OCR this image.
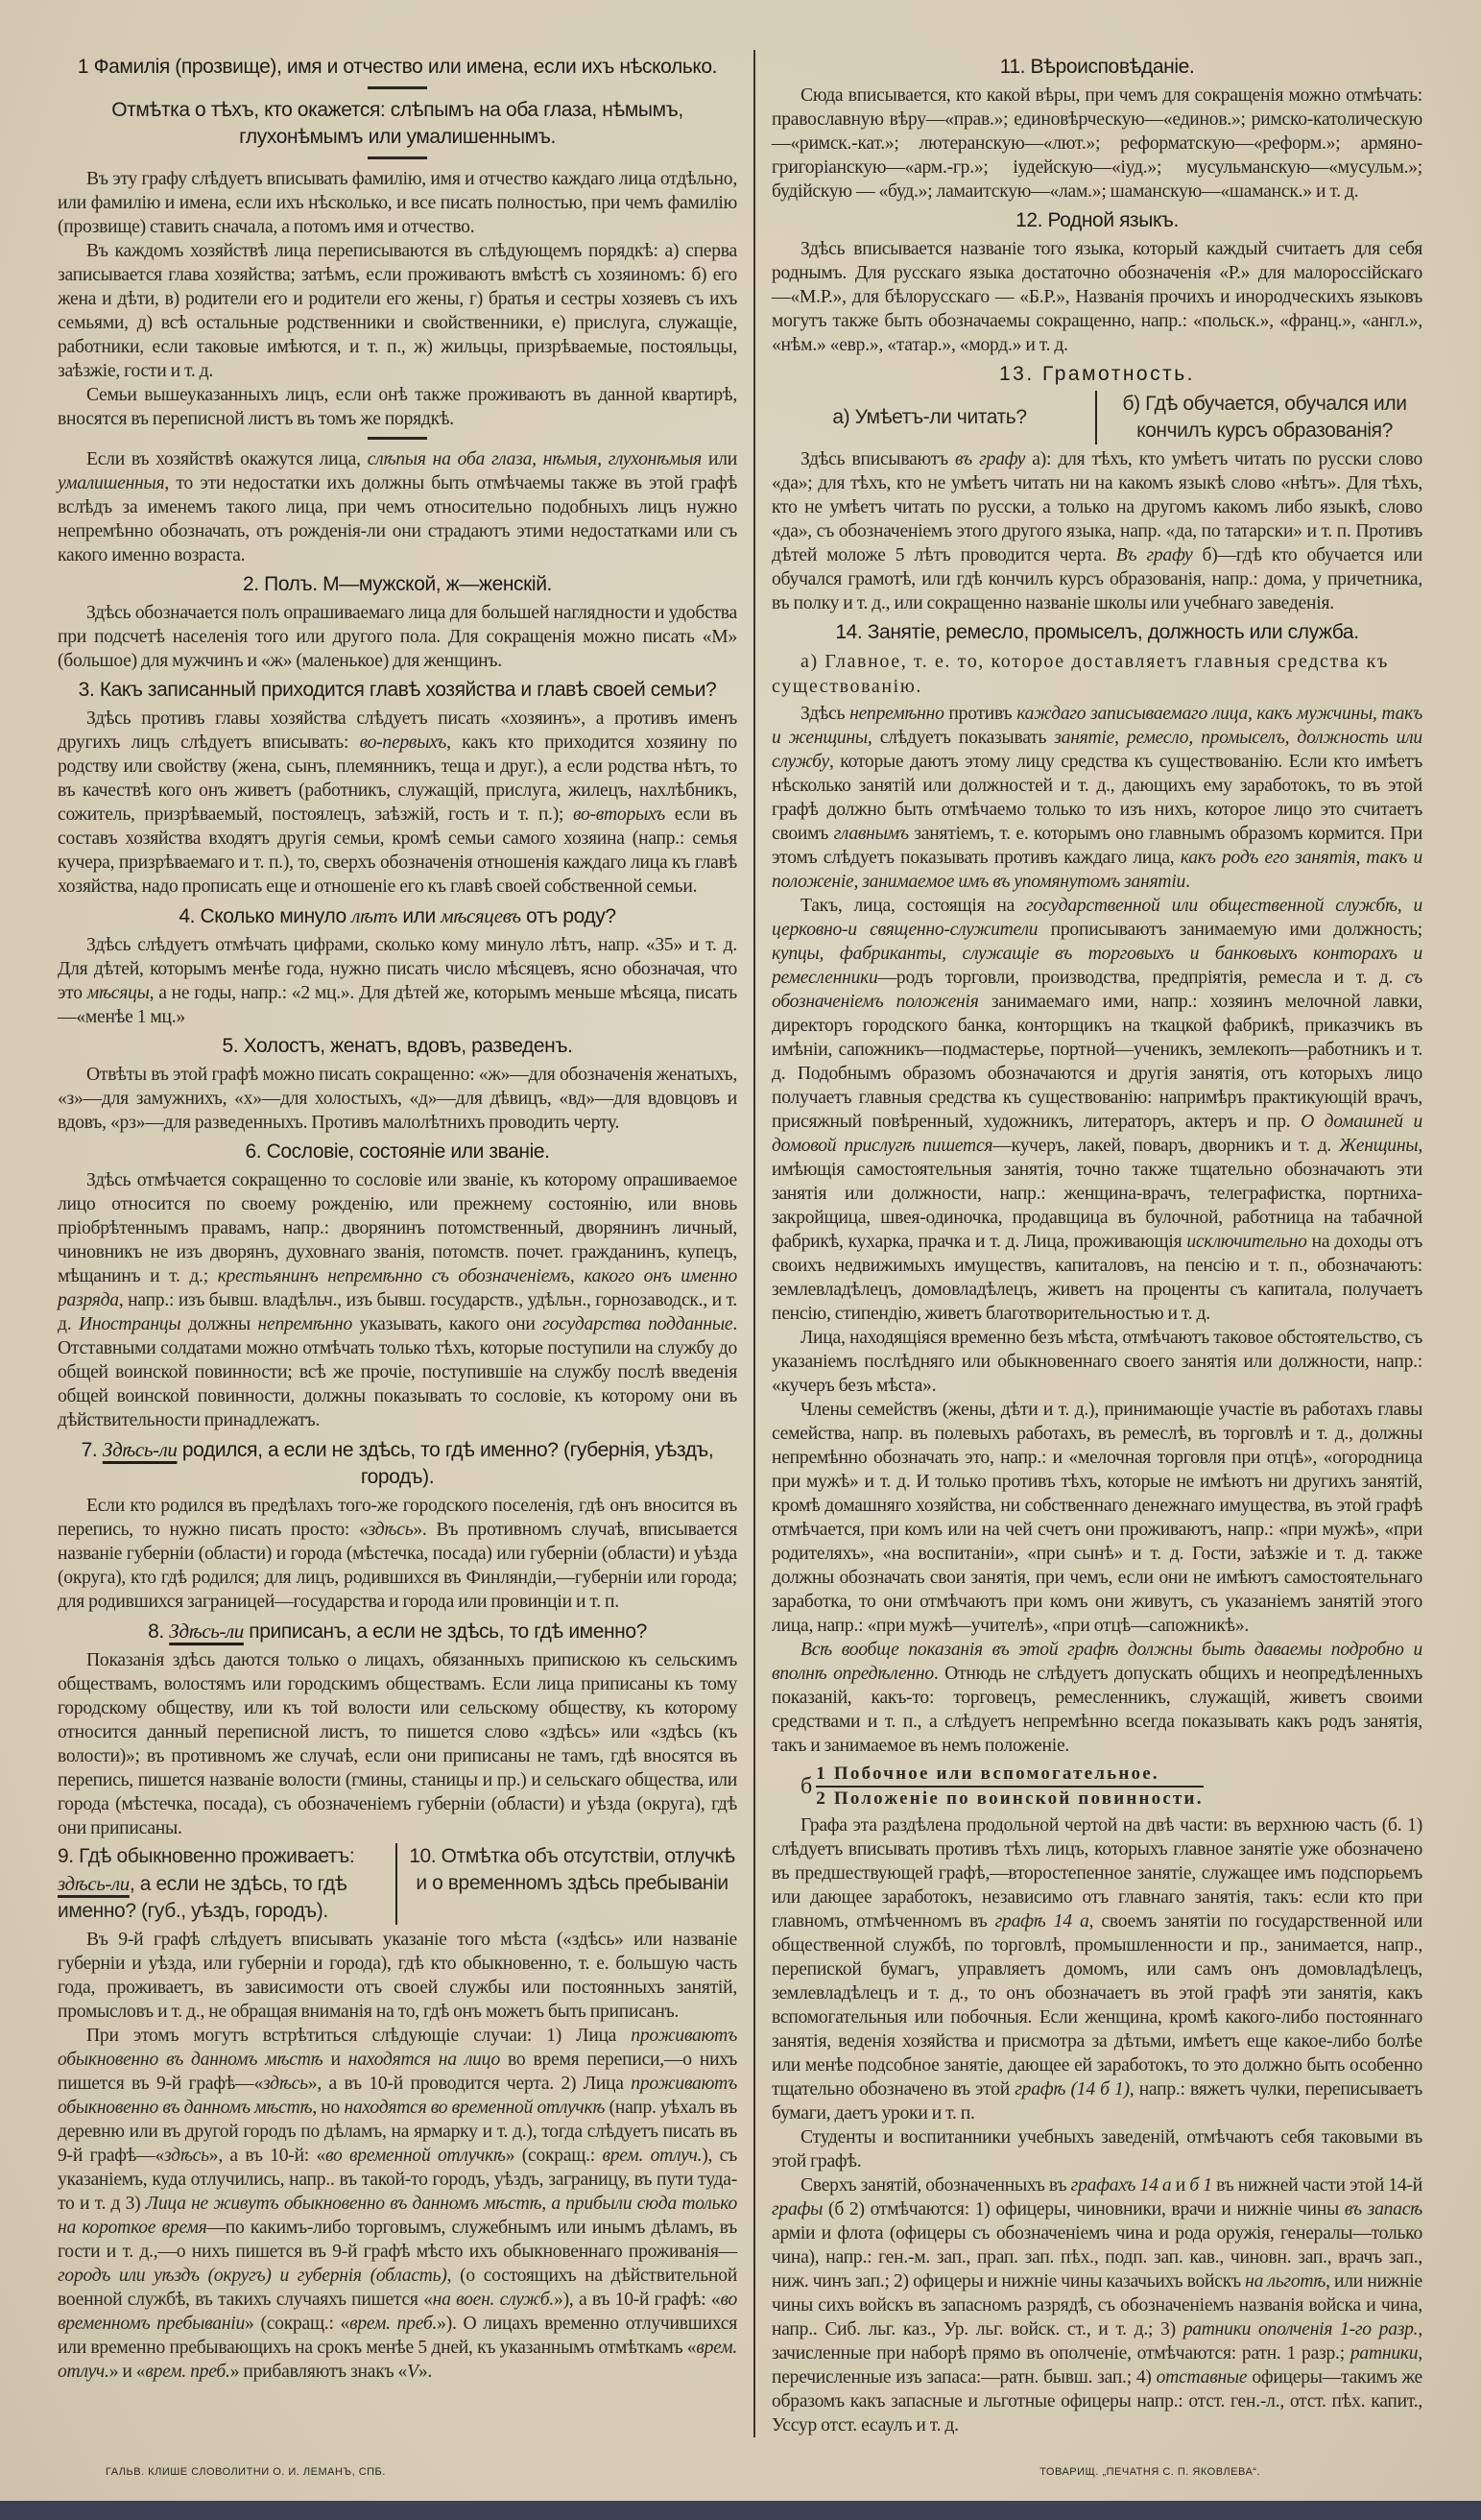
1 Фамилія (прозвище), имя и отчество или имена, если ихъ нѣсколько.
Отмѣтка о тѣхъ, кто окажется: слѣпымъ на оба глаза, нѣмымъ, глухонѣмымъ или умалишеннымъ.

Въ эту графу слѣдуетъ вписывать фамилію, имя и отчество каждаго лица отдѣльно, или фамилію и имена, если ихъ нѣсколько, и все писать полностью, при чемъ фамилію (прозвище) ставить сначала, а потомъ имя и отчество.

Въ каждомъ хозяйствѣ лица переписываются въ слѣдующемъ порядкѣ: а) сперва записывается глава хозяйства; затѣмъ, если проживаютъ вмѣстѣ съ хозяиномъ: б) его жена и дѣти, в) родители его и родители его жены, г) братья и сестры хозяевъ съ ихъ семьями, д) всѣ остальные родственники и свойственники, е) прислуга, служащіе, работники, если таковые имѣются, и т. п., ж) жильцы, призрѣваемые, постояльцы, заѣзжіе, гости и т. д.

Семьи вышеуказанныхъ лицъ, если онѣ также проживаютъ въ данной квартирѣ, вносятся въ переписной листъ въ томъ же порядкѣ.

Если въ хозяйствѣ окажутся лица, слѣпыя на оба глаза, нѣмыя, глухонѣмыя или умалишенныя, то эти недостатки ихъ должны быть отмѣчаемы также въ этой графѣ вслѣдъ за именемъ такого лица, при чемъ относительно подобныхъ лицъ нужно непремѣнно обозначать, отъ рожденія-ли они страдаютъ этими недостатками или съ какого именно возраста.

2. Полъ. М—мужской, ж—женскій.

Здѣсь обозначается полъ опрашиваемаго лица для большей наглядности и удобства при подсчетѣ населенія того или другого пола. Для сокращенія можно писать «М» (большое) для мужчинъ и «ж» (маленькое) для женщинъ.

3. Какъ записанный приходится главѣ хозяйства и главѣ своей семьи?

Здѣсь противъ главы хозяйства слѣдуетъ писать «хозяинъ», а противъ именъ другихъ лицъ слѣдуетъ вписывать: во-первыхъ, какъ кто приходится хозяину по родству или свойству (жена, сынъ, племянникъ, теща и друг.), а если родства нѣтъ, то въ качествѣ кого онъ живетъ (работникъ, служащій, прислуга, жилецъ, нахлѣбникъ, сожитель, призрѣваемый, постоялецъ, заѣзжій, гость и т. п.); во-вторыхъ если въ составъ хозяйства входятъ другія семьи, кромѣ семьи самого хозяина (напр.: семья кучера, призрѣваемаго и т. п.), то, сверхъ обозначенія отношенія каждаго лица къ главѣ хозяйства, надо прописать еще и отношеніе его къ главѣ своей собственной семьи.

4. Сколько минуло лѣтъ или мѣсяцевъ отъ роду?

Здѣсь слѣдуетъ отмѣчать цифрами, сколько кому минуло лѣтъ, напр. «35» и т. д. Для дѣтей, которымъ менѣе года, нужно писать число мѣсяцевъ, ясно обозначая, что это мѣсяцы, а не годы, напр.: «2 мц.». Для дѣтей же, которымъ меньше мѣсяца, писать—«менѣе 1 мц.»

5. Холостъ, женатъ, вдовъ, разведенъ.

Отвѣты въ этой графѣ можно писать сокращенно: «ж»—для обозначенія женатыхъ, «з»—для замужнихъ, «х»—для холостыхъ, «д»—для дѣвицъ, «вд»—для вдовцовъ и вдовъ, «рз»—для разведенныхъ. Противъ малолѣтнихъ проводить черту.

6. Сословіе, состояніе или званіе.

Здѣсь отмѣчается сокращенно то сословіе или званіе, къ которому опрашиваемое лицо относится по своему рожденію, или прежнему состоянію, или вновь пріобрѣтеннымъ правамъ, напр.: дворянинъ потомственный, дворянинъ личный, чиновникъ не изъ дворянъ, духовнаго званія, потомств. почет. гражданинъ, купецъ, мѣщанинъ и т. д.; крестьянинъ непремѣнно съ обозначеніемъ, какого онъ именно разряда, напр.: изъ бывш. владѣльч., изъ бывш. государств., удѣльн., горнозаводск., и т. д. Иностранцы должны непремѣнно указывать, какого они государства подданные. Отставными солдатами можно отмѣчать только тѣхъ, которые поступили на службу до общей воинской повинности; всѣ же прочіе, поступившіе на службу послѣ введенія общей воинской повинности, должны показывать то сословіе, къ которому они въ дѣйствительности принадлежатъ.

7. Здѣсь-ли родился, а если не здѣсь, то гдѣ именно? (губернія, уѣздъ, городъ).

Если кто родился въ предѣлахъ того-же городского поселенія, гдѣ онъ вносится въ перепись, то нужно писать просто: «здѣсь». Въ противномъ случаѣ, вписывается названіе губерніи (области) и города (мѣстечка, посада) или губерніи (области) и уѣзда (округа), кто гдѣ родился; для лицъ, родившихся въ Финляндіи,—губерніи или города; для родившихся заграницей—государства и города или провинціи и т. п.

8. Здѣсь-ли приписанъ, а если не здѣсь, то гдѣ именно?

Показанія здѣсь даются только о лицахъ, обязанныхъ припискою къ сельскимъ обществамъ, волостямъ или городскимъ обществамъ. Если лица приписаны къ тому городскому обществу, или къ той волости или сельскому обществу, къ которому относится данный переписной листъ, то пишется слово «здѣсь» или «здѣсь (къ волости)»; въ противномъ же случаѣ, если они приписаны не тамъ, гдѣ вносятся въ перепись, пишется названіе волости (гмины, станицы и пр.) и сельскаго общества, или города (мѣстечка, посада), съ обозначеніемъ губерніи (области) и уѣзда (округа), гдѣ они приписаны.

9. Гдѣ обыкновенно проживаетъ: здѣсь-ли, а если не здѣсь, то гдѣ именно? (губ., уѣздъ, городъ).
10. Отмѣтка объ отсутствіи, отлучкѣ и о временномъ здѣсь пребываніи

Въ 9-й графѣ слѣдуетъ вписывать указаніе того мѣста («здѣсь» или названіе губерніи и уѣзда, или губерніи и города), гдѣ кто обыкновенно, т. е. большую часть года, проживаетъ, въ зависимости отъ своей службы или постоянныхъ занятій, промысловъ и т. д., не обращая вниманія на то, гдѣ онъ можетъ быть приписанъ.

При этомъ могутъ встрѣтиться слѣдующіе случаи: 1) Лица проживаютъ обыкновенно въ данномъ мѣстѣ и находятся на лицо во время переписи,—о нихъ пишется въ 9-й графѣ—«здѣсь», а въ 10-й проводится черта. 2) Лица проживаютъ обыкновенно въ данномъ мѣстѣ, но находятся во временной отлучкѣ (напр. уѣхалъ въ деревню или въ другой городъ по дѣламъ, на ярмарку и т. д.), тогда слѣдуетъ писать въ 9-й графѣ—«здѣсь», а въ 10-й: «во временной отлучкѣ» (сокращ.: врем. отлуч.), съ указаніемъ, куда отлучились, напр.. въ такой-то городъ, уѣздъ, заграницу, въ пути туда-то и т. д 3) Лица не живутъ обыкновенно въ данномъ мѣстѣ, а прибыли сюда только на короткое время—по какимъ-либо торговымъ, служебнымъ или инымъ дѣламъ, въ гости и т. д.,—о нихъ пишется въ 9-й графѣ мѣсто ихъ обыкновеннаго проживанія—городъ или уѣздъ (округъ) и губернія (область), (о состоящихъ на дѣйствительной военной службѣ, въ такихъ случаяхъ пишется «на воен. служб.»), а въ 10-й графѣ: «во временномъ пребываніи» (сокращ.: «врем. преб.»). О лицахъ временно отлучившихся или временно пребывающихъ на срокъ менѣе 5 дней, къ указаннымъ отмѣткамъ «врем. отлуч.» и «врем. преб.» прибавляютъ знакъ «V».

11. Вѣроисповѣданіе.

Сюда вписывается, кто какой вѣры, при чемъ для сокращенія можно отмѣчать: православную вѣру—«прав.»; единовѣрческую—«единов.»; римско-католическую—«римск.-кат.»; лютеранскую—«лют.»; реформатскую—«реформ.»; армяно-григоріанскую—«арм.-гр.»; іудейскую—«іуд.»; мусульманскую—«мусульм.»; будійскую — «буд.»; ламаитскую—«лам.»; шаманскую—«шаманск.» и т. д.

12. Родной языкъ.

Здѣсь вписывается названіе того языка, который каждый считаетъ для себя роднымъ. Для русскаго языка достаточно обозначенія «Р.» для малороссійскаго—«М.Р.», для бѣлорусскаго — «Б.Р.», Названія прочихъ и инородческихъ языковъ могутъ также быть обозначаемы сокращенно, напр.: «польск.», «франц.», «англ.», «нѣм.» «евр.», «татар.», «морд.» и т. д.

13. Грамотность.
а) Умѣетъ-ли читать?
б) Гдѣ обучается, обучался или кончилъ курсъ образованія?

Здѣсь вписываютъ въ графу а): для тѣхъ, кто умѣетъ читать по русски слово «да»; для тѣхъ, кто не умѣетъ читать ни на какомъ языкѣ слово «нѣтъ». Для тѣхъ, кто не умѣетъ читать по русски, а только на другомъ какомъ либо языкѣ, слово «да», съ обозначеніемъ этого другого языка, напр. «да, по татарски» и т. п. Противъ дѣтей моложе 5 лѣтъ проводится черта. Въ графу б)—гдѣ кто обучается или обучался грамотѣ, или гдѣ кончилъ курсъ образованія, напр.: дома, у причетника, въ полку и т. д., или сокращенно названіе школы или учебнаго заведенія.

14. Занятіе, ремесло, промыселъ, должность или служба.
а) Главное, т. е. то, которое доставляетъ главныя средства къ существованію.

Здѣсь непремѣнно противъ каждаго записываемаго лица, какъ мужчины, такъ и женщины, слѣдуетъ показывать занятіе, ремесло, промыселъ, должность или службу, которые даютъ этому лицу средства къ существованію. Если кто имѣетъ нѣсколько занятій или должностей и т. д., дающихъ ему заработокъ, то въ этой графѣ должно быть отмѣчаемо только то изъ нихъ, которое лицо это считаетъ своимъ главнымъ занятіемъ, т. е. которымъ оно главнымъ образомъ кормится. При этомъ слѣдуетъ показывать противъ каждаго лица, какъ родъ его занятія, такъ и положеніе, занимаемое имъ въ упомянутомъ занятіи.

Такъ, лица, состоящія на государственной или общественной службѣ, и церковно-и священно-служители прописываютъ занимаемую ими должность; купцы, фабриканты, служащіе въ торговыхъ и банковыхъ конторахъ и ремесленники—родъ торговли, производства, предпріятія, ремесла и т. д. съ обозначеніемъ положенія занимаемаго ими, напр.: хозяинъ мелочной лавки, директоръ городского банка, конторщикъ на ткацкой фабрикѣ, приказчикъ въ имѣніи, сапожникъ—подмастерье, портной—ученикъ, землекопъ—работникъ и т. д. Подобнымъ образомъ обозначаются и другія занятія, отъ которыхъ лицо получаетъ главныя средства къ существованію: напримѣръ практикующій врачъ, присяжный повѣренный, художникъ, литераторъ, актеръ и пр. О домашней и домовой прислугѣ пишется—кучеръ, лакей, поваръ, дворникъ и т. д. Женщины, имѣющія самостоятельныя занятія, точно также тщательно обозначаютъ эти занятія или должности, напр.: женщина-врачъ, телеграфистка, портниха-закройщица, швея-одиночка, продавщица въ булочной, работница на табачной фабрикѣ, кухарка, прачка и т. д. Лица, проживающія исключительно на доходы отъ своихъ недвижимыхъ имуществъ, капиталовъ, на пенсію и т. п., обозначаютъ: землевладѣлецъ, домовладѣлецъ, живетъ на проценты съ капитала, получаетъ пенсію, стипендію, живетъ благотворительностью и т. д.

Лица, находящіяся временно безъ мѣста, отмѣчаютъ таковое обстоятельство, съ указаніемъ послѣдняго или обыкновеннаго своего занятія или должности, напр.: «кучеръ безъ мѣста».

Члены семействъ (жены, дѣти и т. д.), принимающіе участіе въ работахъ главы семейства, напр. въ полевыхъ работахъ, въ ремеслѣ, въ торговлѣ и т. д., должны непремѣнно обозначать это, напр.: и «мелочная торговля при отцѣ», «огородница при мужѣ» и т. д. И только противъ тѣхъ, которые не имѣютъ ни другихъ занятій, кромѣ домашняго хозяйства, ни собственнаго денежнаго имущества, въ этой графѣ отмѣчается, при комъ или на чей счетъ они проживаютъ, напр.: «при мужѣ», «при родителяхъ», «на воспитаніи», «при сынѣ» и т. д. Гости, заѣзжіе и т. д. также должны обозначать свои занятія, при чемъ, если они не имѣютъ самостоятельнаго заработка, то они отмѣчаютъ при комъ они живутъ, съ указаніемъ занятій этого лица, напр.: «при мужѣ—учителѣ», «при отцѣ—сапожникѣ».

Всѣ вообще показанія въ этой графѣ должны быть даваемы подробно и вполнѣ опредѣленно. Отнюдь не слѣдуетъ допускать общихъ и неопредѣленныхъ показаній, какъ-то: торговецъ, ремесленникъ, служащій, живетъ своими средствами и т. п., а слѣдуетъ непремѣнно всегда показывать какъ родъ занятія, такъ и занимаемое въ немъ положеніе.

б 1 Побочное или вспомогательное.
2 Положеніе по воинской повинности.

Графа эта раздѣлена продольной чертой на двѣ части: въ верхнюю часть (б. 1) слѣдуетъ вписывать противъ тѣхъ лицъ, которыхъ главное занятіе уже обозначено въ предшествующей графѣ,—второстепенное занятіе, служащее имъ подспорьемъ или дающее заработокъ, независимо отъ главнаго занятія, такъ: если кто при главномъ, отмѣченномъ въ графѣ 14 а, своемъ занятіи по государственной или общественной службѣ, по торговлѣ, промышленности и пр., занимается, напр., перепиской бумагъ, управляетъ домомъ, или самъ онъ домовладѣлецъ, землевладѣлецъ и т. д., то онъ обозначаетъ въ этой графѣ эти занятія, какъ вспомогательныя или побочныя. Если женщина, кромѣ какого-либо постояннаго занятія, веденія хозяйства и присмотра за дѣтьми, имѣетъ еще какое-либо болѣе или менѣе подсобное занятіе, дающее ей заработокъ, то это должно быть особенно тщательно обозначено въ этой графѣ (14 б 1), напр.: вяжетъ чулки, переписываетъ бумаги, даетъ уроки и т. п.

Студенты и воспитанники учебныхъ заведеній, отмѣчаютъ себя таковыми въ этой графѣ.

Сверхъ занятій, обозначенныхъ въ графахъ 14 а и б 1 въ нижней части этой 14-й графы (б 2) отмѣчаются: 1) офицеры, чиновники, врачи и нижніе чины въ запасѣ арміи и флота (офицеры съ обозначеніемъ чина и рода оружія, генералы—только чина), напр.: ген.-м. зап., прап. зап. пѣх., подп. зап. кав., чиновн. зап., врачъ зап., ниж. чинъ зап.; 2) офицеры и нижніе чины казачьихъ войскъ на льготѣ, или нижніе чины сихъ войскъ въ запасномъ разрядѣ, съ обозначеніемъ названія войска и чина, напр.. Сиб. льг. каз., Ур. льг. войск. ст., и т. д.; 3) ратники ополченія 1-го разр., зачисленные при наборѣ прямо въ ополченіе, отмѣчаются: ратн. 1 разр.; ратники, перечисленные изъ запаса:—ратн. бывш. зап.; 4) отставные офицеры—такимъ же образомъ какъ запасные и льготные офицеры напр.: отст. ген.-л., отст. пѣх. капит., Уссур отст. есаулъ и т. д.

ГАЛЬВ. КЛИШЕ СЛОВОЛИТНИ О. И. ЛЕМАНЪ, СПБ.	ТОВАРИЩ. „ПЕЧАТНЯ С. П. ЯКОВЛЕВА“.
